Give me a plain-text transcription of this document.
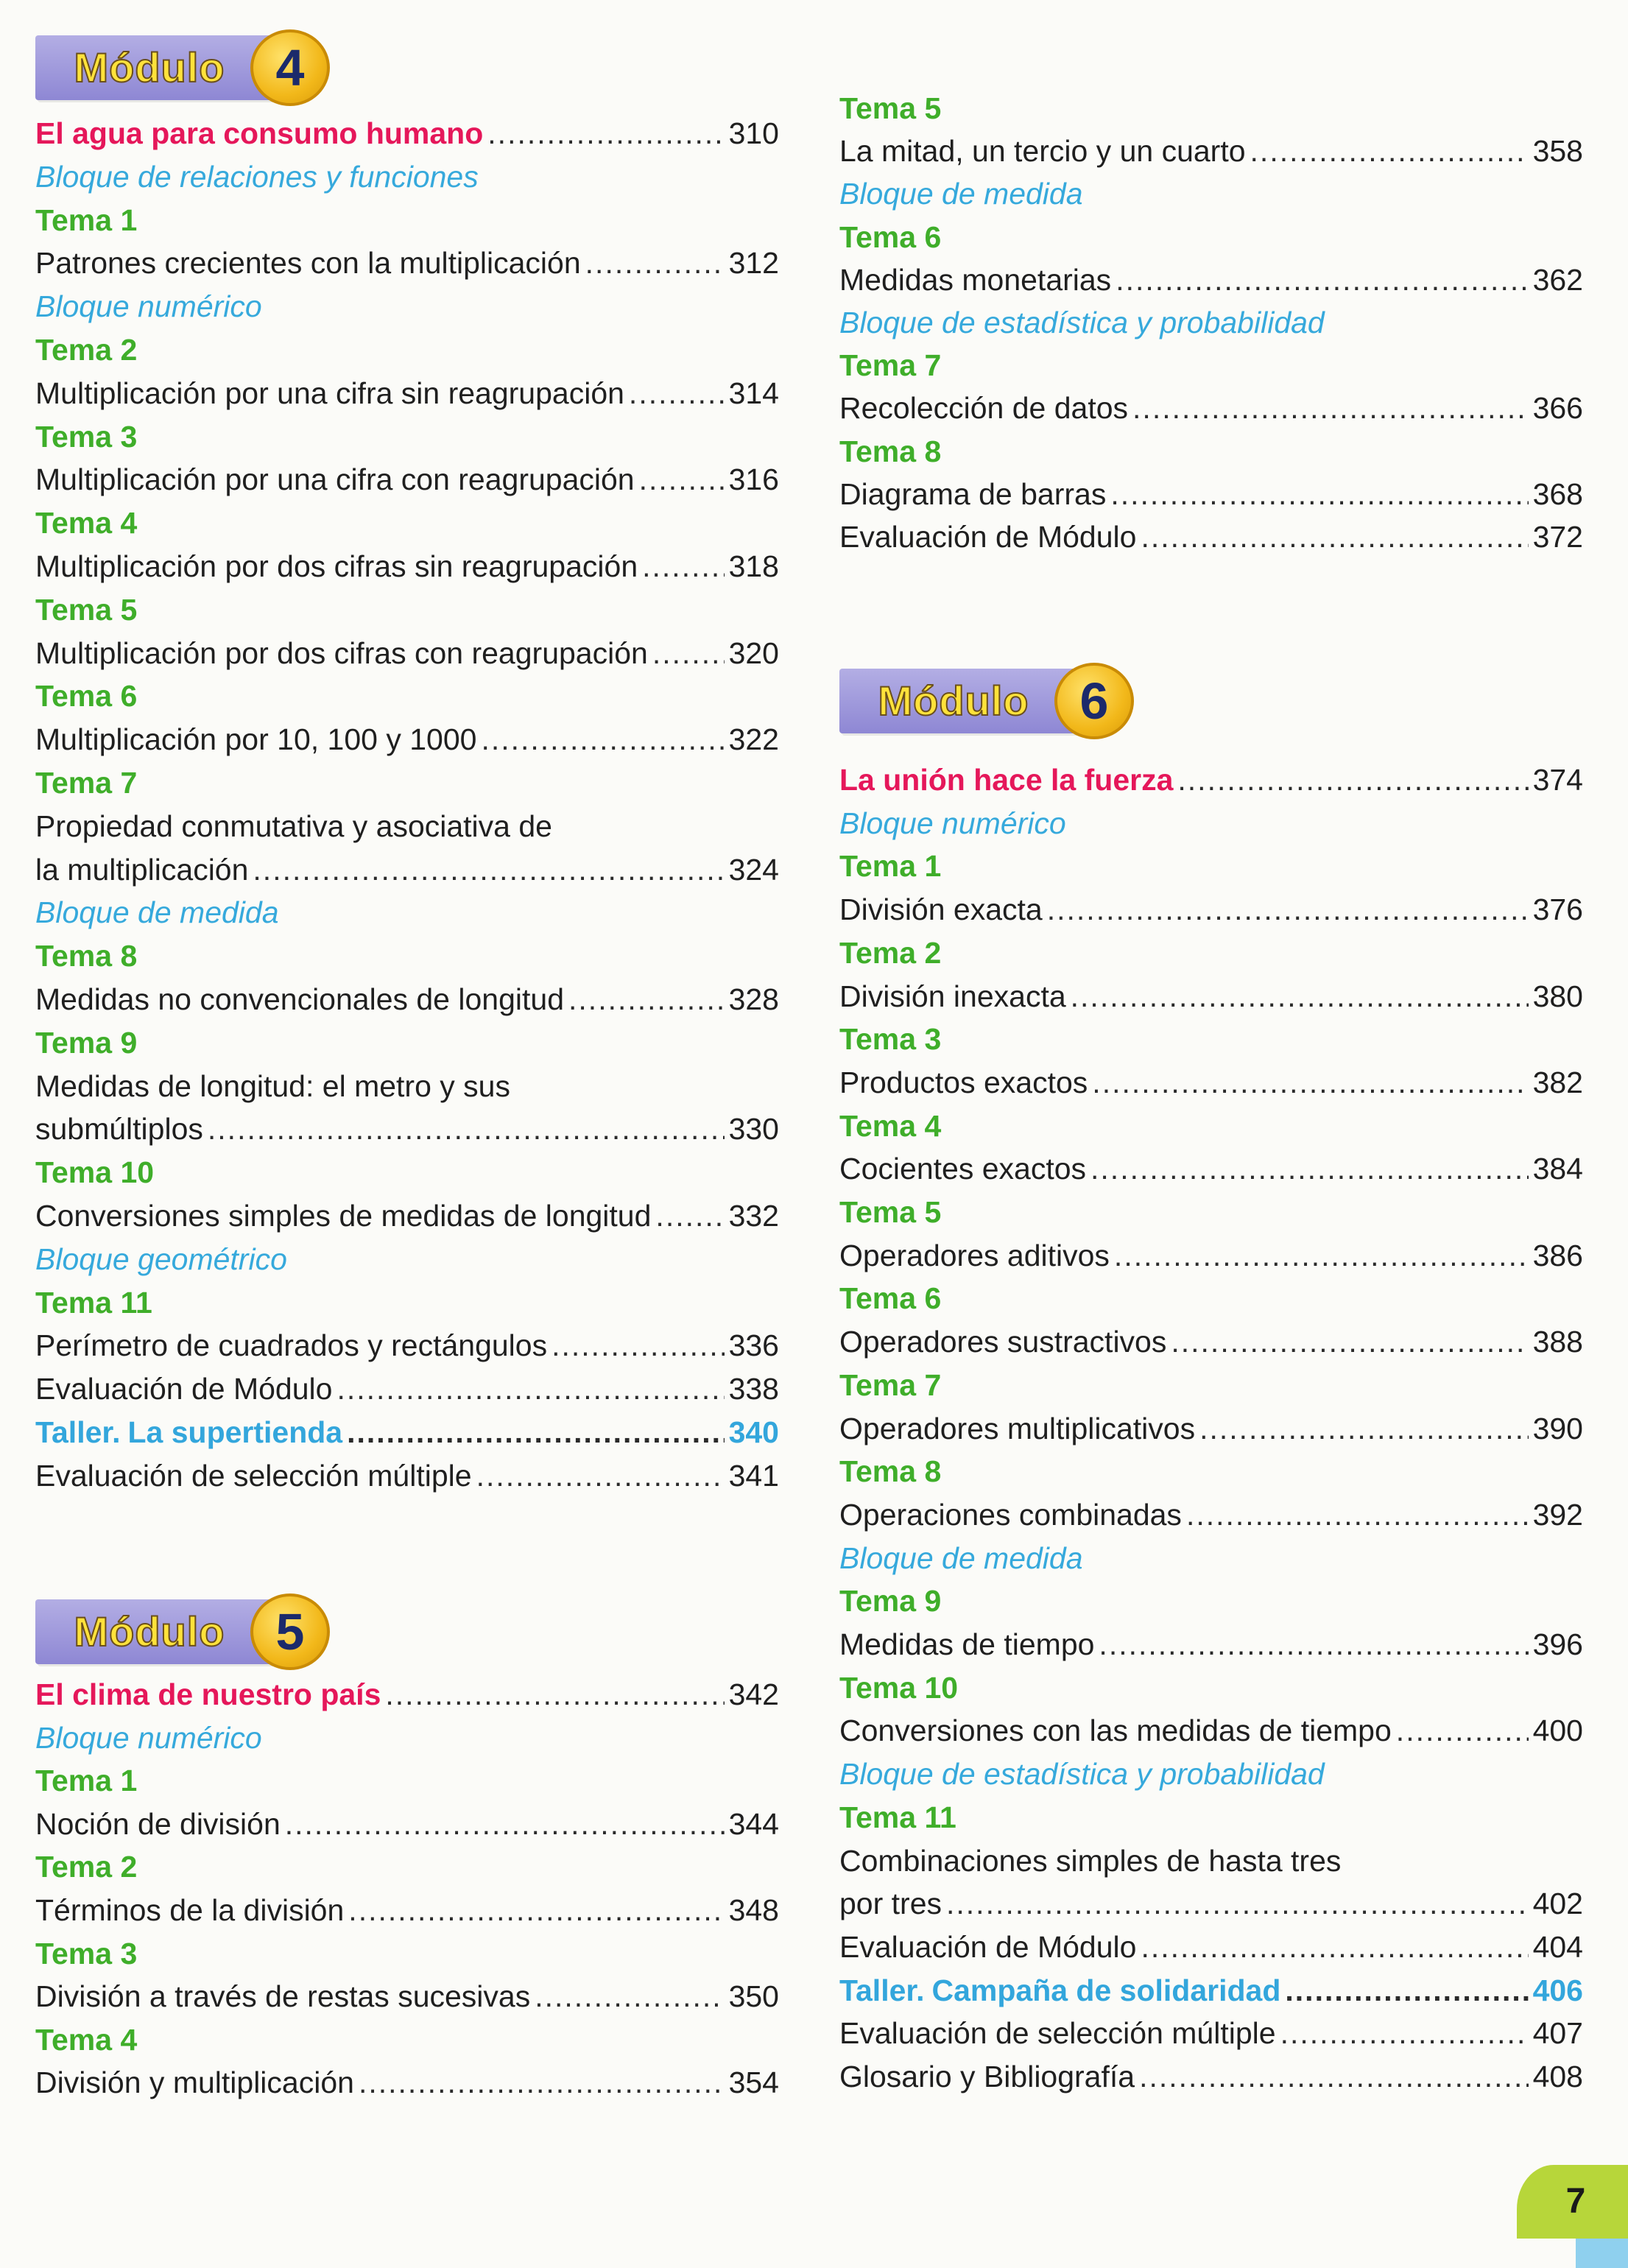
Módulo 4
El agua para consumo humano .....	310
Bloque de relaciones y funciones
Tema 1
Patrones crecientes con la multiplicación .....	312
Bloque numérico
Tema 2
Multiplicación por una cifra sin reagrupación .....	314
Tema 3
Multiplicación por una cifra con reagrupación .....	316
Tema 4
Multiplicación por dos cifras sin reagrupación .....	318
Tema 5
Multiplicación por dos cifras con reagrupación .....	320
Tema 6
Multiplicación por 10, 100 y 1000 .....	322
Tema 7
Propiedad conmutativa y asociativa de
la multiplicación .....	324
Bloque de medida
Tema 8
Medidas no convencionales de longitud .....	328
Tema 9
Medidas de longitud: el metro y sus
submúltiplos .....	330
Tema 10
Conversiones simples de medidas de longitud .....	332
Bloque geométrico
Tema 11
Perímetro de cuadrados y rectángulos .....	336
Evaluación de Módulo .....	338
Taller. La supertienda .....	340
Evaluación de selección múltiple .....	341
Módulo 5
El clima de nuestro país .....	342
Bloque numérico
Tema 1
Noción de división .....	344
Tema 2
Términos de la división .....	348
Tema 3
División a través de restas sucesivas .....	350
Tema 4
División y multiplicación .....	354
Tema 5
La mitad, un tercio y un cuarto .....	358
Bloque de medida
Tema 6
Medidas monetarias .....	362
Bloque de estadística y probabilidad
Tema 7
Recolección de datos .....	366
Tema 8
Diagrama de barras .....	368
Evaluación de Módulo .....	372
Módulo 6
La unión hace la fuerza .....	374
Bloque numérico
Tema 1
División exacta .....	376
Tema 2
División inexacta .....	380
Tema 3
Productos exactos .....	382
Tema 4
Cocientes exactos .....	384
Tema 5
Operadores aditivos .....	386
Tema 6
Operadores sustractivos .....	388
Tema 7
Operadores multiplicativos .....	390
Tema 8
Operaciones combinadas .....	392
Bloque de medida
Tema 9
Medidas de tiempo .....	396
Tema 10
Conversiones con las medidas de tiempo .....	400
Bloque de estadística y probabilidad
Tema 11
Combinaciones simples de hasta tres
por tres .....	402
Evaluación de Módulo .....	404
Taller. Campaña de solidaridad .....	406
Evaluación de selección múltiple .....	407
Glosario y Bibliografía .....	408
7
